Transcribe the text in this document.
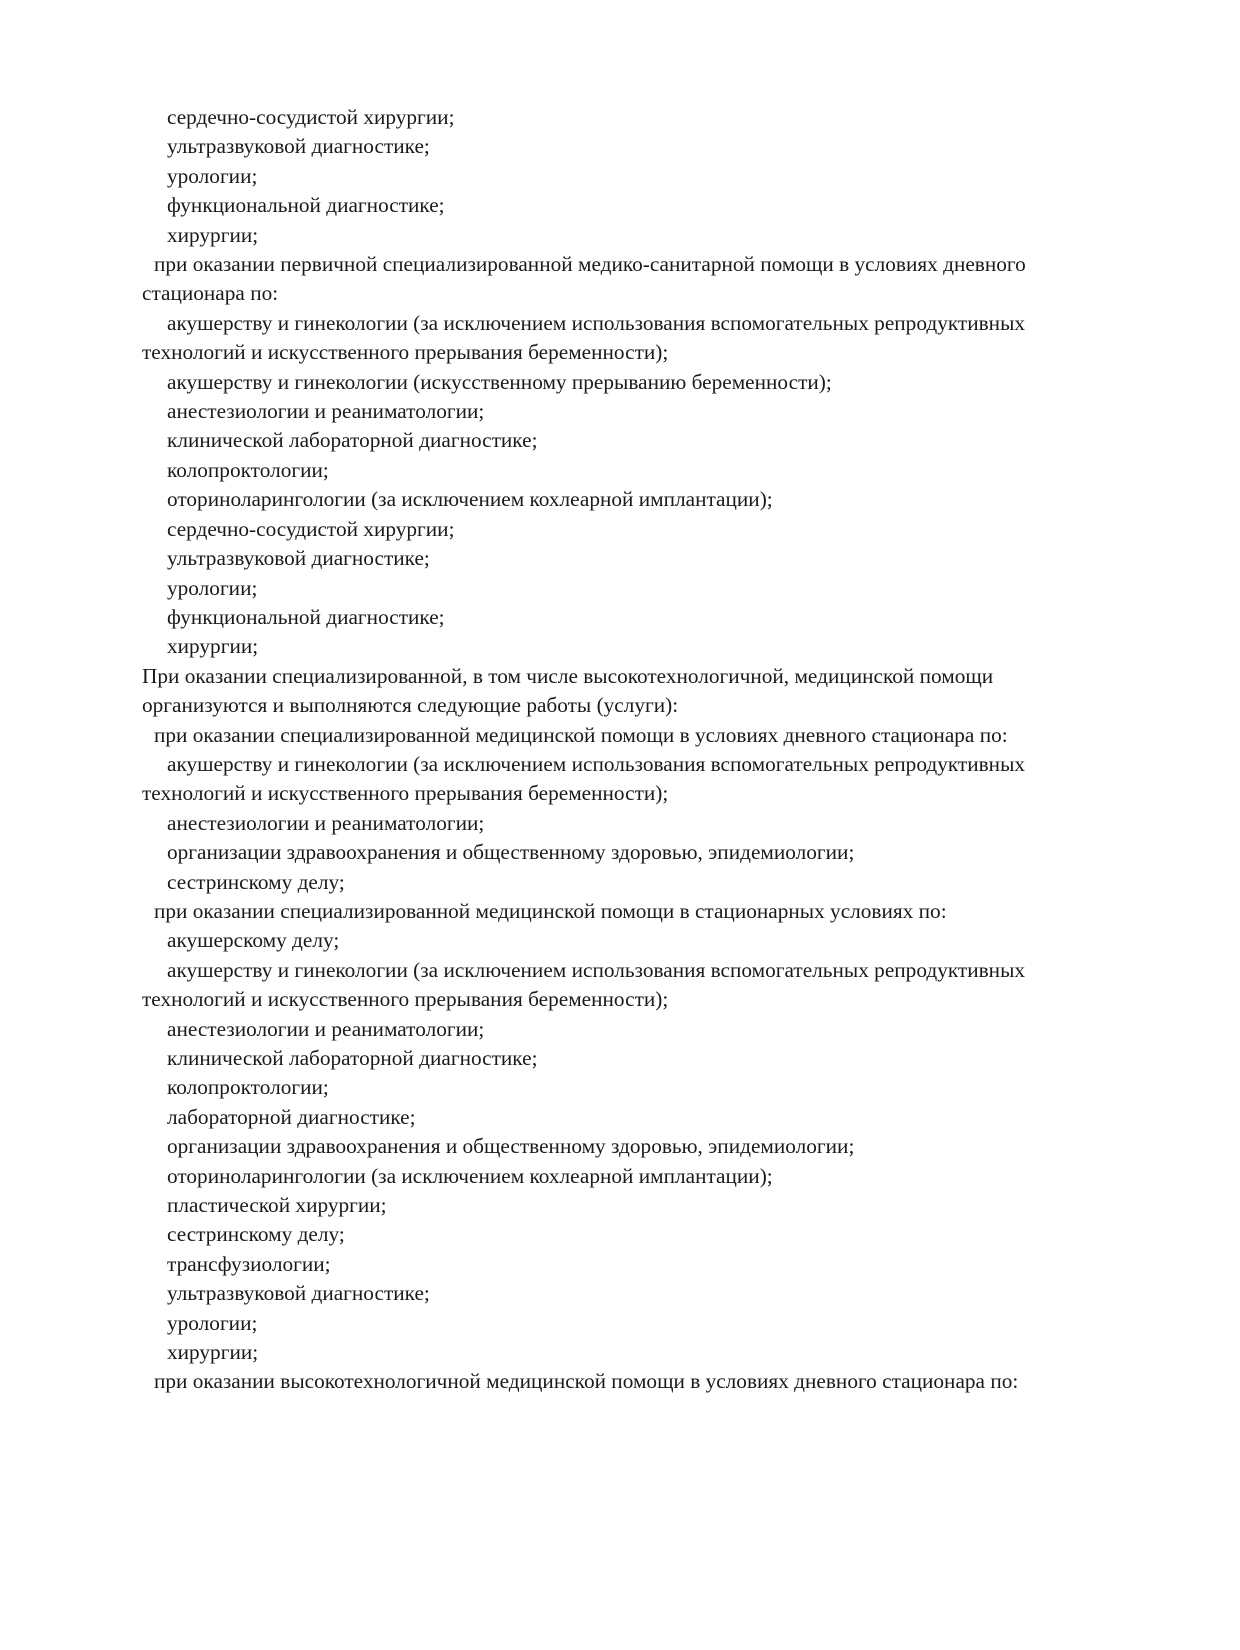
сердечно-сосудистой хирургии;

ультразвуковой диагностике;

урологии;

функциональной диагностике;

хирургии;

при оказании первичной специализированной медико-санитарной помощи в условиях дневного

стационара по:

акушерству и гинекологии (за исключением использования вспомогательных репродуктивных

технологий и искусственного прерывания беременности);

акушерству и гинекологии (искусственному прерыванию беременности);

анестезиологии и реаниматологии;

клинической лабораторной диагностике;

колопроктологии;

оториноларингологии (за исключением кохлеарной имплантации);

сердечно-сосудистой хирургии;

ультразвуковой диагностике;

урологии;

функциональной диагностике;

хирургии;

При оказании специализированной, в том числе высокотехнологичной, медицинской помощи

организуются и выполняются следующие работы (услуги):

при оказании специализированной медицинской помощи в условиях дневного стационара по:

акушерству и гинекологии (за исключением использования вспомогательных репродуктивных

технологий и искусственного прерывания беременности);

анестезиологии и реаниматологии;

организации здравоохранения и общественному здоровью, эпидемиологии;

сестринскому делу;

при оказании специализированной медицинской помощи в стационарных условиях по:

акушерскому делу;

акушерству и гинекологии (за исключением использования вспомогательных репродуктивных

технологий и искусственного прерывания беременности);

анестезиологии и реаниматологии;

клинической лабораторной диагностике;

колопроктологии;

лабораторной диагностике;

организации здравоохранения и общественному здоровью, эпидемиологии;

оториноларингологии (за исключением кохлеарной имплантации);

пластической хирургии;

сестринскому делу;

трансфузиологии;

ультразвуковой диагностике;

урологии;

хирургии;

при оказании высокотехнологичной медицинской помощи в условиях дневного стационара по:
